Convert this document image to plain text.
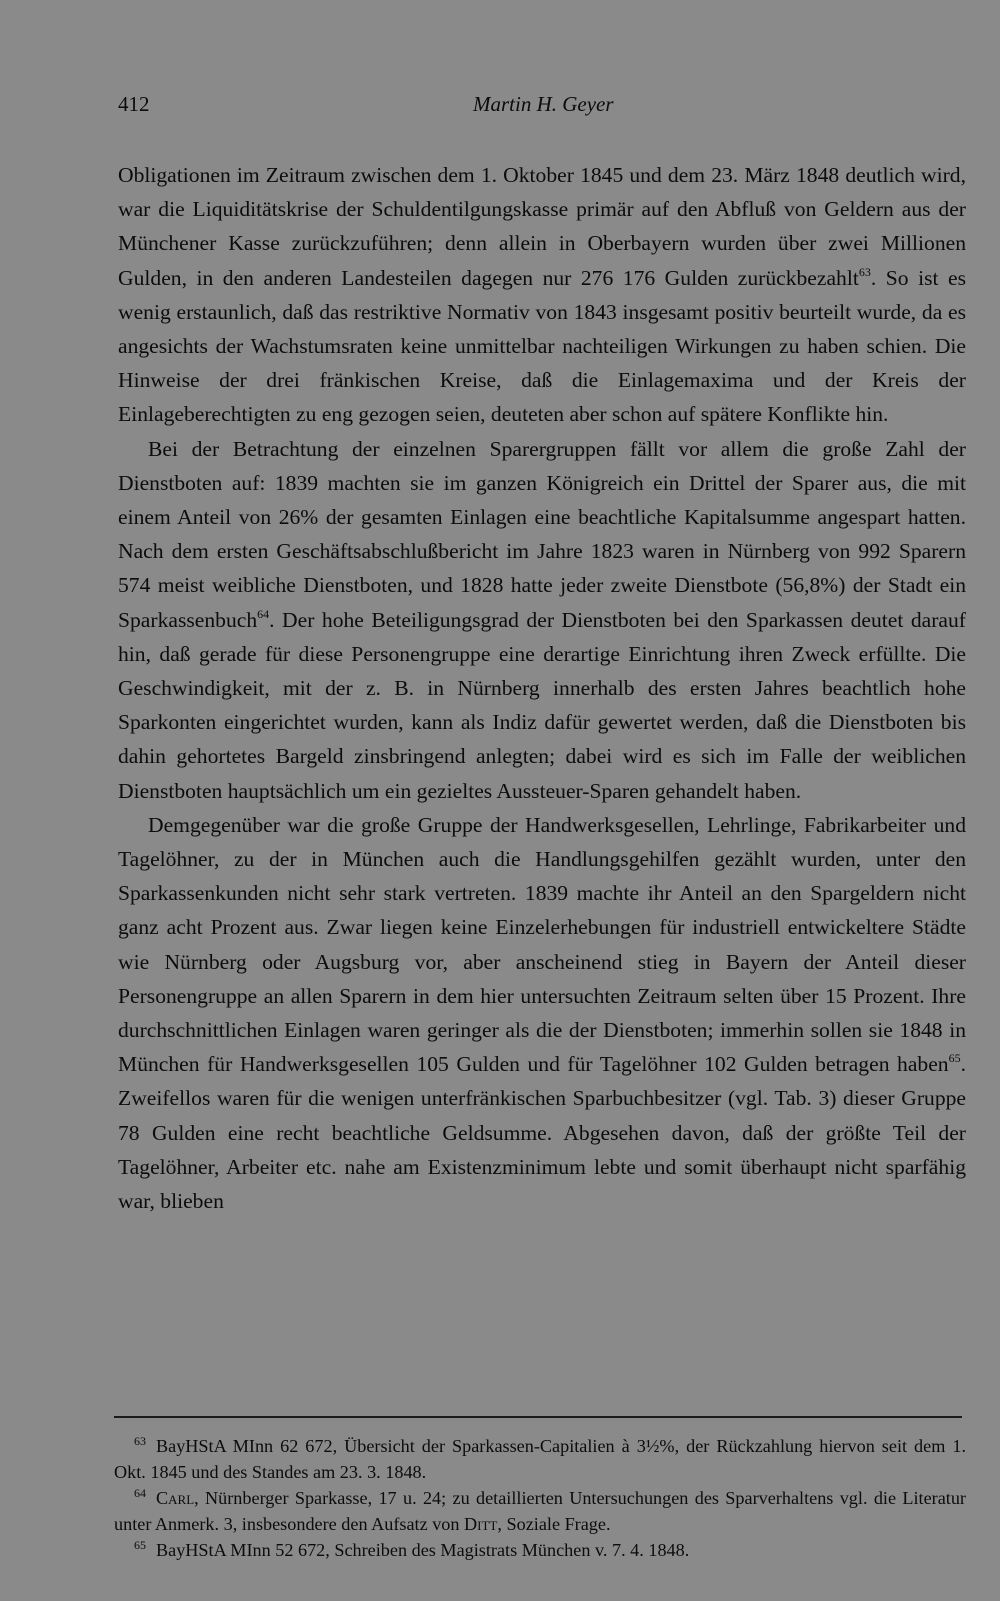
412	Martin H. Geyer

Obligationen im Zeitraum zwischen dem 1. Oktober 1845 und dem 23. März 1848 deutlich wird, war die Liquiditätskrise der Schuldentilgungskasse primär auf den Abfluß von Geldern aus der Münchener Kasse zurückzuführen; denn allein in Oberbayern wurden über zwei Millionen Gulden, in den anderen Landesteilen dagegen nur 276 176 Gulden zurückbezahlt$^{63}$. So ist es wenig erstaunlich, daß das restriktive Normativ von 1843 insgesamt positiv beurteilt wurde, da es angesichts der Wachstumsraten keine unmittelbar nachteiligen Wirkungen zu haben schien. Die Hinweise der drei fränkischen Kreise, daß die Einlagemaxima und der Kreis der Einlageberechtigten zu eng gezogen seien, deuteten aber schon auf spätere Konflikte hin.

Bei der Betrachtung der einzelnen Sparergruppen fällt vor allem die große Zahl der Dienstboten auf: 1839 machten sie im ganzen Königreich ein Drittel der Sparer aus, die mit einem Anteil von 26% der gesamten Einlagen eine beachtliche Kapitalsumme angespart hatten. Nach dem ersten Geschäftsabschlußbericht im Jahre 1823 waren in Nürnberg von 992 Sparern 574 meist weibliche Dienstboten, und 1828 hatte jeder zweite Dienstbote (56,8%) der Stadt ein Sparkassenbuch$^{64}$. Der hohe Beteiligungsgrad der Dienstboten bei den Sparkassen deutet darauf hin, daß gerade für diese Personengruppe eine derartige Einrichtung ihren Zweck erfüllte. Die Geschwindigkeit, mit der z. B. in Nürnberg innerhalb des ersten Jahres beachtlich hohe Sparkonten eingerichtet wurden, kann als Indiz dafür gewertet werden, daß die Dienstboten bis dahin gehortetes Bargeld zinsbringend anlegten; dabei wird es sich im Falle der weiblichen Dienstboten hauptsächlich um ein gezieltes Aussteuer-Sparen gehandelt haben.

Demgegenüber war die große Gruppe der Handwerksgesellen, Lehrlinge, Fabrikarbeiter und Tagelöhner, zu der in München auch die Handlungsgehilfen gezählt wurden, unter den Sparkassenkunden nicht sehr stark vertreten. 1839 machte ihr Anteil an den Spargeldern nicht ganz acht Prozent aus. Zwar liegen keine Einzelerhebungen für industriell entwickeltere Städte wie Nürnberg oder Augsburg vor, aber anscheinend stieg in Bayern der Anteil dieser Personengruppe an allen Sparern in dem hier untersuchten Zeitraum selten über 15 Prozent. Ihre durchschnittlichen Einlagen waren geringer als die der Dienstboten; immerhin sollen sie 1848 in München für Handwerksgesellen 105 Gulden und für Tagelöhner 102 Gulden betragen haben$^{65}$. Zweifellos waren für die wenigen unterfränkischen Sparbuchbesitzer (vgl. Tab. 3) dieser Gruppe 78 Gulden eine recht beachtliche Geldsumme. Abgesehen davon, daß der größte Teil der Tagelöhner, Arbeiter etc. nahe am Existenzminimum lebte und somit überhaupt nicht sparfähig war, blieben

$^{63}$ BayHStA MInn 62 672, Übersicht der Sparkassen-Capitalien à 3½%, der Rückzahlung hiervon seit dem 1. Okt. 1845 und des Standes am 23. 3. 1848.

$^{64}$ Carl, Nürnberger Sparkasse, 17 u. 24; zu detaillierten Untersuchungen des Sparverhaltens vgl. die Literatur unter Anmerk. 3, insbesondere den Aufsatz von Ditt, Soziale Frage.

$^{65}$ BayHStA MInn 52 672, Schreiben des Magistrats München v. 7. 4. 1848.
